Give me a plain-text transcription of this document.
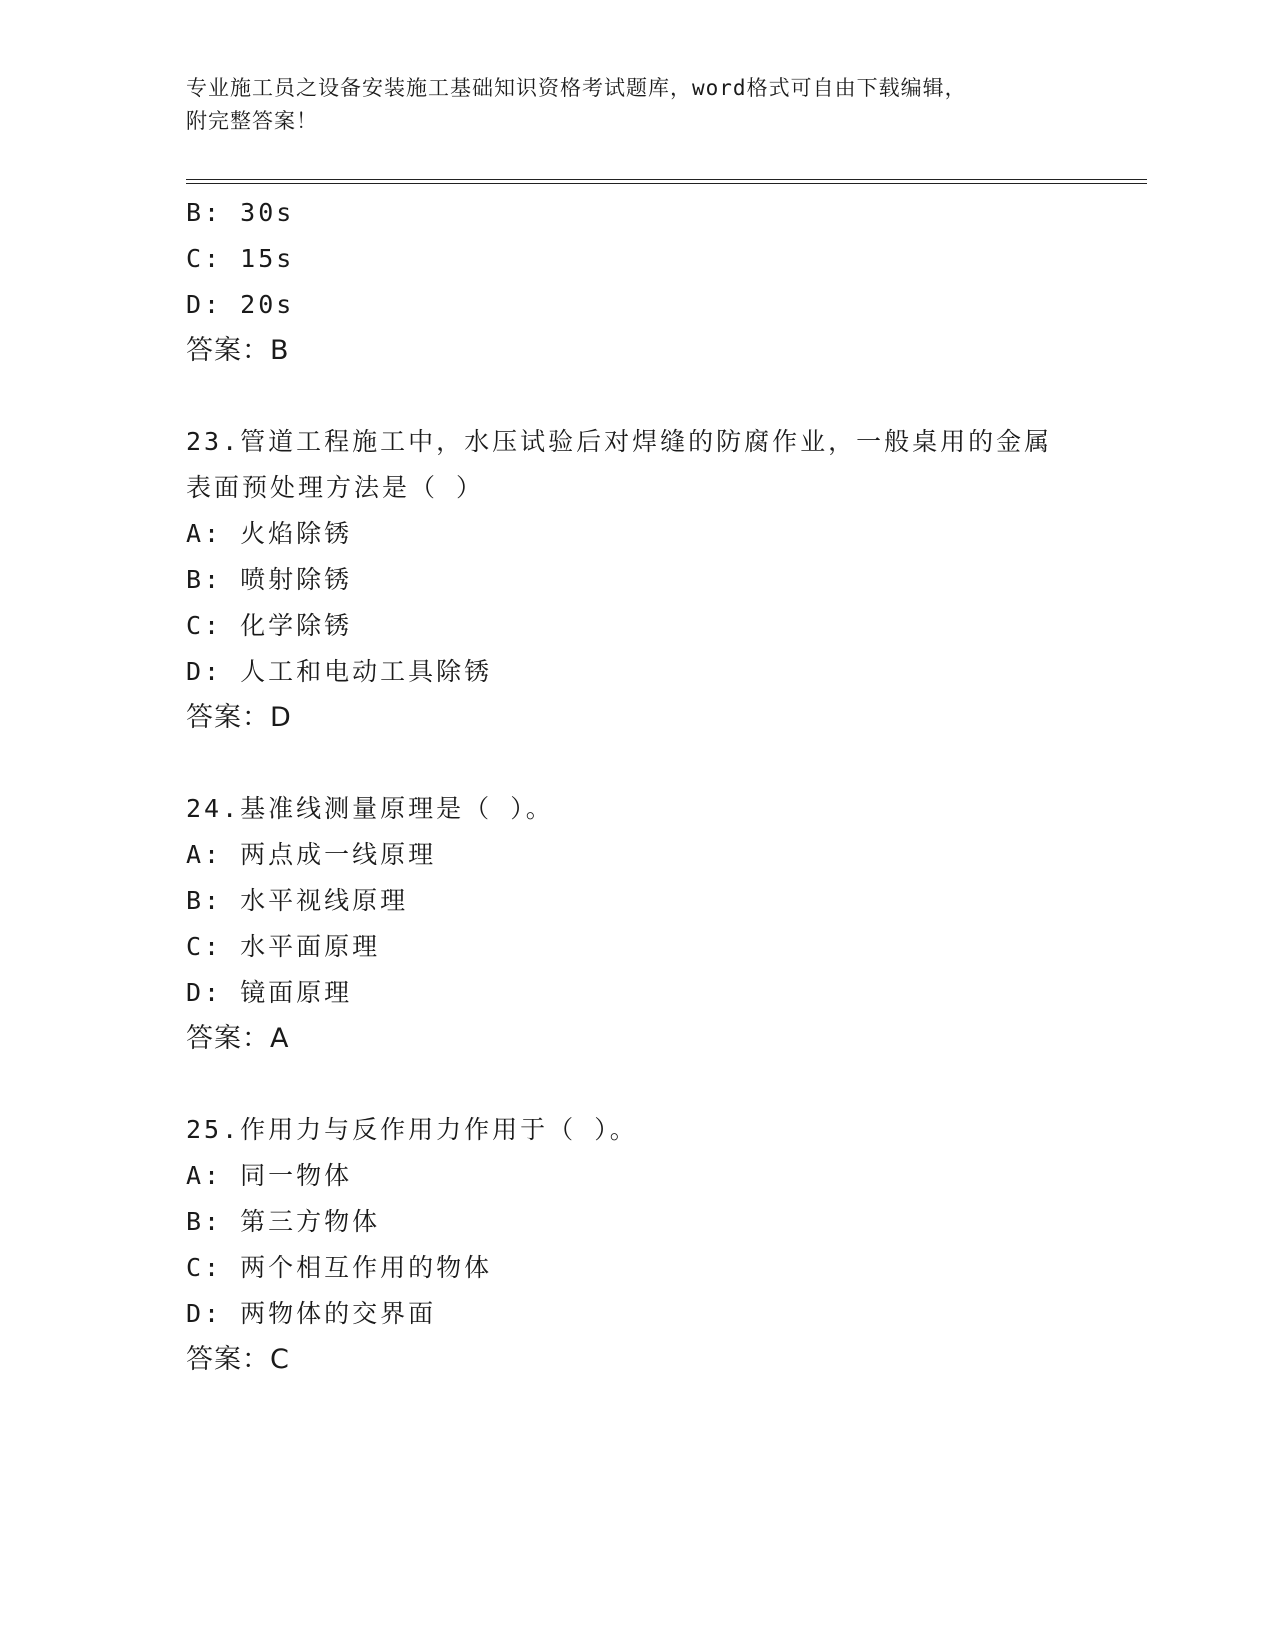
专业施工员之设备安装施工基础知识资格考试题库，word格式可自由下载编辑，
附完整答案！
B: 30s
C: 15s
D: 20s
答案：B
23.管道工程施工中，水压试验后对焊缝的防腐作业，一般桌用的金属
表面预处理方法是（ ）
A: 火焰除锈
B: 喷射除锈
C: 化学除锈
D: 人工和电动工具除锈
答案：D
24.基准线测量原理是（ ）。
A: 两点成一线原理
B: 水平视线原理
C: 水平面原理
D: 镜面原理
答案：A
25.作用力与反作用力作用于（ ）。
A: 同一物体
B: 第三方物体
C: 两个相互作用的物体
D: 两物体的交界面
答案：C
